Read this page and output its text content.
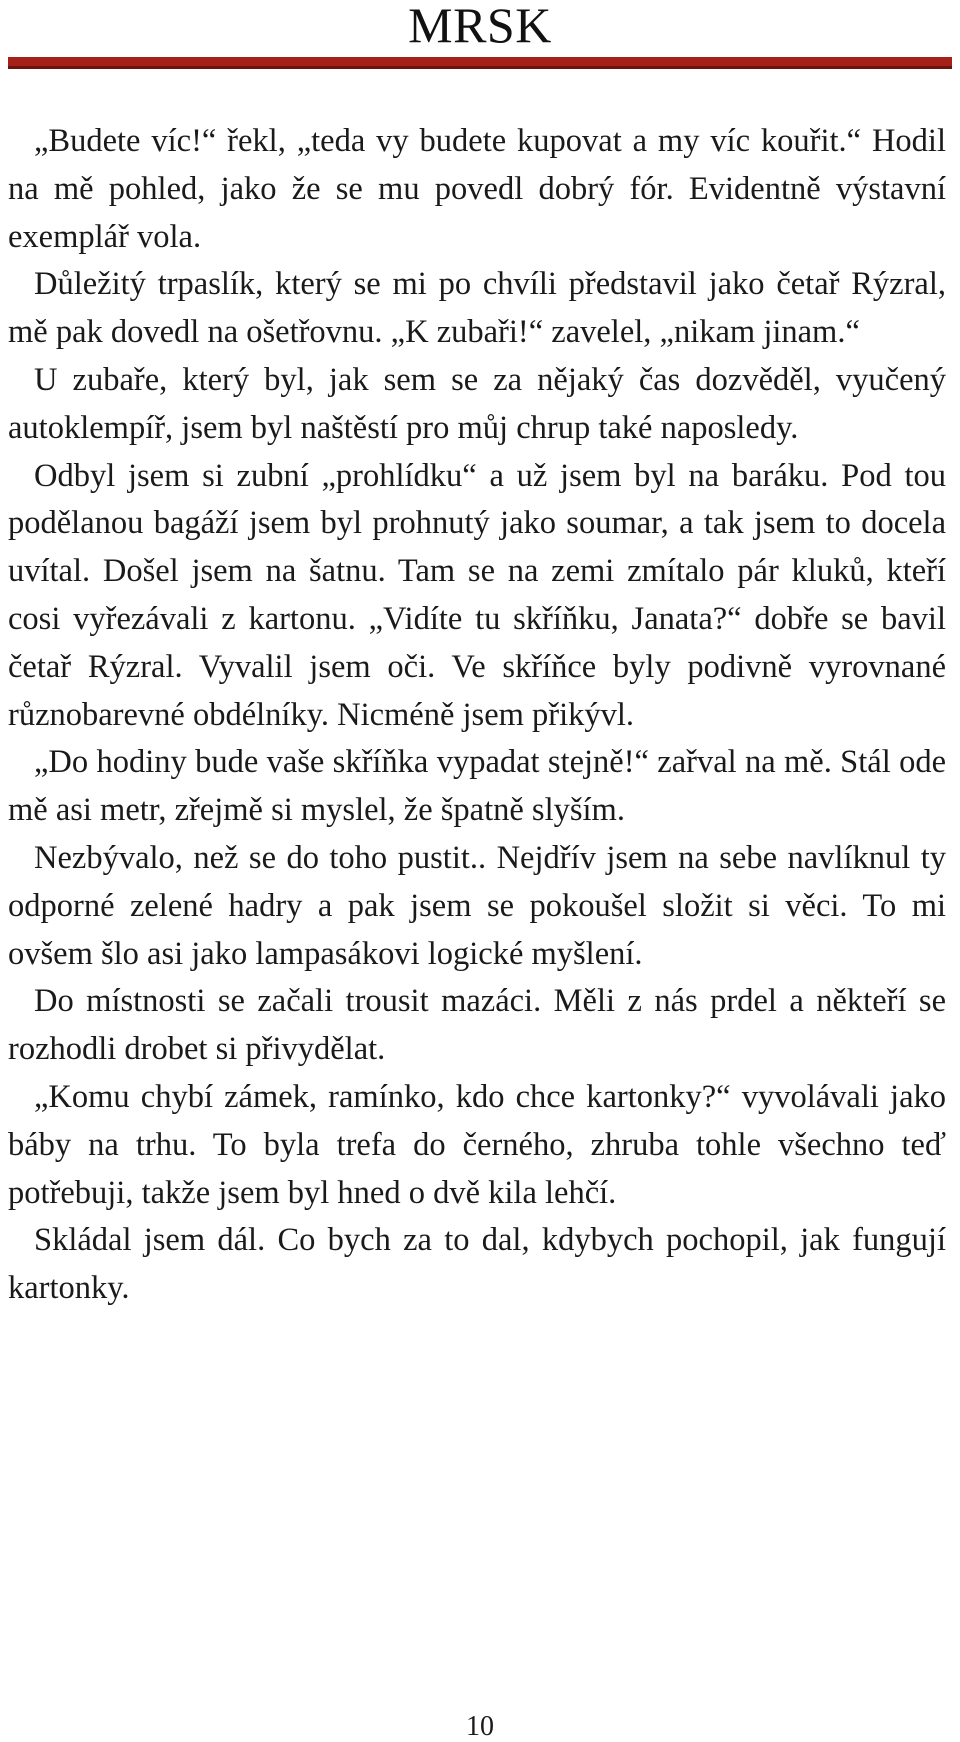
MRSK

„Budete víc!“ řekl, „teda vy budete kupovat a my víc kouřit.“ Hodil na mě pohled, jako že se mu povedl dobrý fór. Evidentně výstavní exemplář vola.

Důležitý trpaslík, který se mi po chvíli představil jako četař Rýzral, mě pak dovedl na ošetřovnu. „K zubaři!“ zavelel, „nikam jinam.“

U zubaře, který byl, jak sem se za nějaký čas dozvěděl, vyučený autoklempíř, jsem byl naštěstí pro můj chrup také naposledy.

Odbyl jsem si zubní „prohlídku“ a už jsem byl na baráku. Pod tou podělanou bagáží jsem byl prohnutý jako soumar, a tak jsem to docela uvítal. Došel jsem na šatnu. Tam se na zemi zmítalo pár kluků, kteří cosi vyřezávali z kartonu. „Vidíte tu skříňku, Janata?“ dobře se bavil četař Rýzral. Vyvalil jsem oči. Ve skříňce byly podivně vyrovnané různobarevné obdélníky. Nicméně jsem přikývl.

„Do hodiny bude vaše skříňka vypadat stejně!“ zařval na mě. Stál ode mě asi metr, zřejmě si myslel, že špatně slyším.

Nezbývalo, než se do toho pustit.. Nejdřív jsem na sebe navlíknul ty odporné zelené hadry a pak jsem se pokoušel složit si věci. To mi ovšem šlo asi jako lampasákovi logické myšlení.

Do místnosti se začali trousit mazáci. Měli z nás prdel a někteří se rozhodli drobet si přivydělat.

„Komu chybí zámek, ramínko, kdo chce kartonky?“ vyvolávali jako báby na trhu. To byla trefa do černého, zhruba tohle všechno teď potřebuji, takže jsem byl hned o dvě kila lehčí.

Skládal jsem dál. Co bych za to dal, kdybych pochopil, jak fungují kartonky.

10
